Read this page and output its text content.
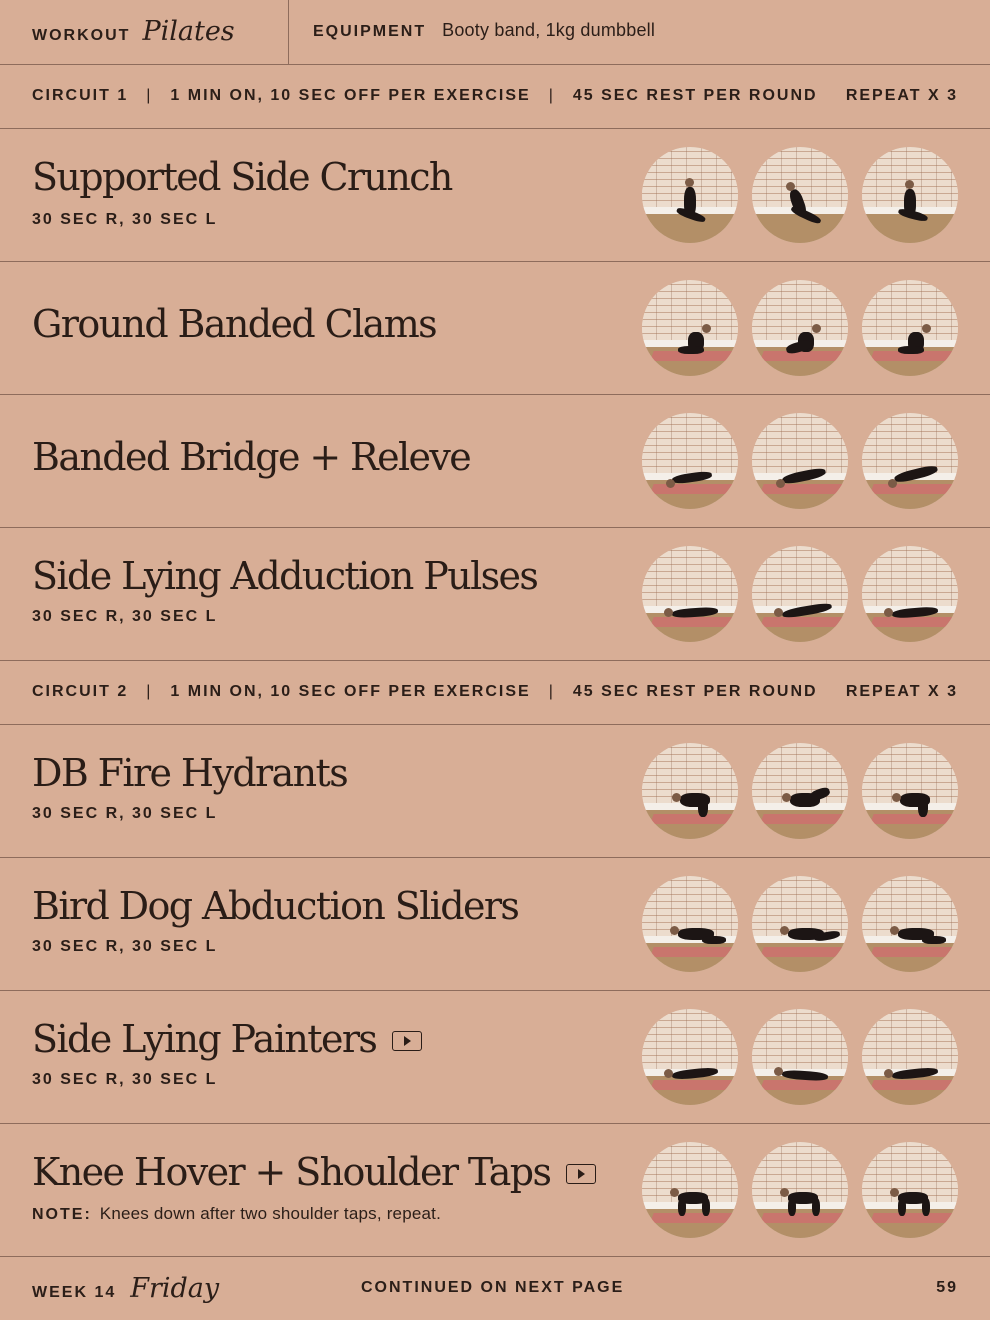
WORKOUT Pilates	EQUIPMENT Booty band, 1kg dumbbell
CIRCUIT 1 | 1 MIN ON, 10 SEC OFF PER EXERCISE | 45 SEC REST PER ROUND REPEAT X 3
Supported Side Crunch
30 SEC R, 30 SEC L
Ground Banded Clams
Banded Bridge + Releve
Side Lying Adduction Pulses
30 SEC R, 30 SEC L
CIRCUIT 2 | 1 MIN ON, 10 SEC OFF PER EXERCISE | 45 SEC REST PER ROUND REPEAT X 3
DB Fire Hydrants
30 SEC R, 30 SEC L
Bird Dog Abduction Sliders
30 SEC R, 30 SEC L
Side Lying Painters
30 SEC R, 30 SEC L
Knee Hover + Shoulder Taps
NOTE: Knees down after two shoulder taps, repeat.
WEEK 14 Friday	CONTINUED ON NEXT PAGE	59
